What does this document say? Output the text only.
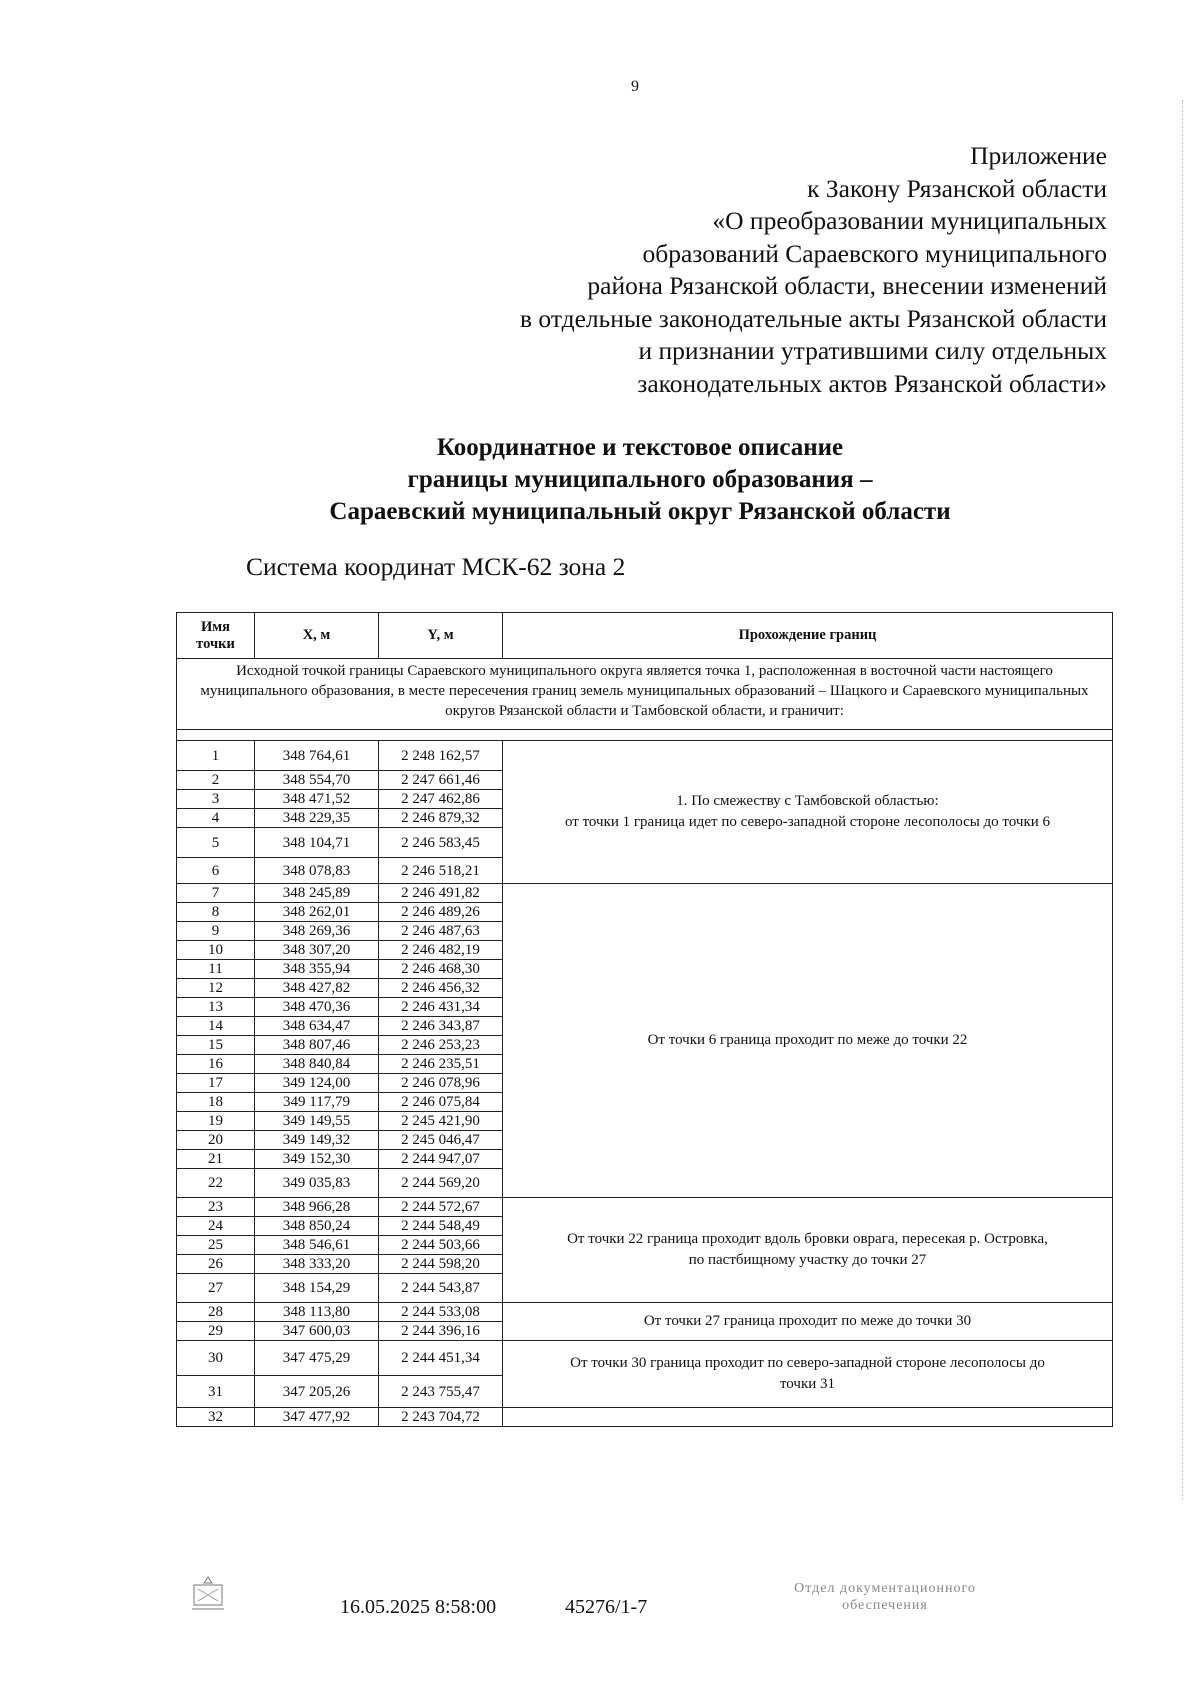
9
Приложение
к Закону Рязанской области
«О преобразовании муниципальных
образований Сараевского муниципального
района Рязанской области, внесении изменений
в отдельные законодательные акты Рязанской области
и признании утратившими силу отдельных
законодательных актов Рязанской области»
Координатное и текстовое описание
границы муниципального образования –
Сараевский муниципальный округ Рязанской области
Система координат МСК-62 зона 2
Имя точки	X, м	Y, м	Прохождение границ
Исходной точкой границы Сараевского муниципального округа является точка 1, расположенная в восточной части настоящего муниципального образования, в месте пересечения границ земель муниципальных образований – Шацкого и Сараевского муниципальных округов Рязанской области и Тамбовской области, и граничит:			

1	348 764,61	2 248 162,57	1. По смежеству с Тамбовской областью:
от точки 1 граница идет по северо-западной стороне лесополосы до точки 6

2	348 554,70	2 247 661,46	
3	348 471,52	2 247 462,86	
4	348 229,35	2 246 879,32	
5	348 104,71	2 246 583,45	
6	348 078,83	2 246 518,21	
7	348 245,89	2 246 491,82	От точки 6 граница проходит по меже до точки 22

8	348 262,01	2 246 489,26	
9	348 269,36	2 246 487,63	
10	348 307,20	2 246 482,19	
11	348 355,94	2 246 468,30	
12	348 427,82	2 246 456,32	
13	348 470,36	2 246 431,34	
14	348 634,47	2 246 343,87	
15	348 807,46	2 246 253,23	
16	348 840,84	2 246 235,51	
17	349 124,00	2 246 078,96	
18	349 117,79	2 246 075,84	
19	349 149,55	2 245 421,90	
20	349 149,32	2 245 046,47	
21	349 152,30	2 244 947,07	
22	349 035,83	2 244 569,20	
23	348 966,28	2 244 572,67	От точки 22 граница проходит вдоль бровки оврага, пересекая р. Островка,
по пастбищному участку до точки 27

24	348 850,24	2 244 548,49	
25	348 546,61	2 244 503,66	
26	348 333,20	2 244 598,20	
27	348 154,29	2 244 543,87	
28	348 113,80	2 244 533,08	От точки 27 граница проходит по меже до точки 30

29	347 600,03	2 244 396,16	
30	347 475,29	2 244 451,34	От точки 30 граница проходит по северо-западной стороне лесополосы до
точки 31

31	347 205,26	2 243 755,47	
32	347 477,92	2 243 704,72	
16.05.2025 8:58:00	45276/1-7
Отдел документационного
обеспечения
